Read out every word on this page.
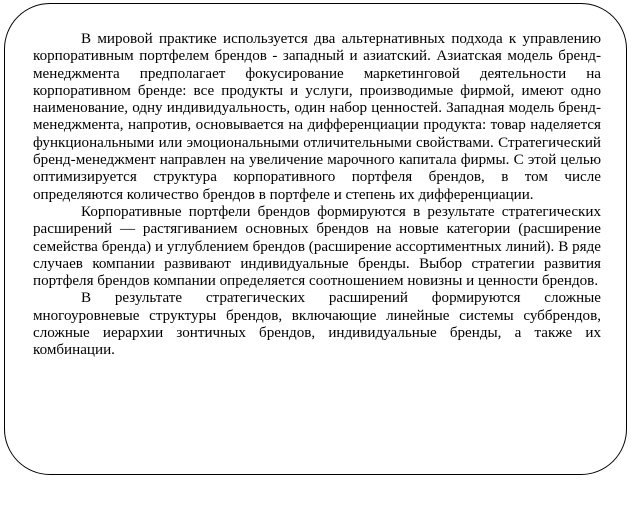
В мировой практике используется два альтернативных подхода к управлению корпоративным портфелем брендов - западный и азиатский. Азиатская модель бренд-менеджмента предполагает фокусирование маркетинговой деятельности на корпоративном бренде: все продукты и услуги, производимые фирмой, имеют одно наименование, одну индивидуальность, один набор ценностей. Западная модель бренд-менеджмента, напротив, основывается на дифференциации продукта: товар наделяется функциональными или эмоциональными отличительными свойствами. Стратегический бренд-менеджмент направлен на увеличение марочного капитала фирмы. С этой целью оптимизируется структура корпоративного портфеля брендов, в том числе определяются количество брендов в портфеле и степень их дифференциации.

Корпоративные портфели брендов формируются в результате стратегических расширений — растягиванием основных брендов на новые категории (расширение семейства бренда) и углублением брендов (расширение ассортиментных линий). В ряде случаев компании развивают индивидуальные бренды. Выбор стратегии развития портфеля брендов компании определяется соотношением новизны и ценности брендов.

В результате стратегических расширений формируются сложные многоуровневые структуры брендов, включающие линейные системы суббрендов, сложные иерархии зонтичных брендов, индивидуальные бренды, а также их комбинации.
